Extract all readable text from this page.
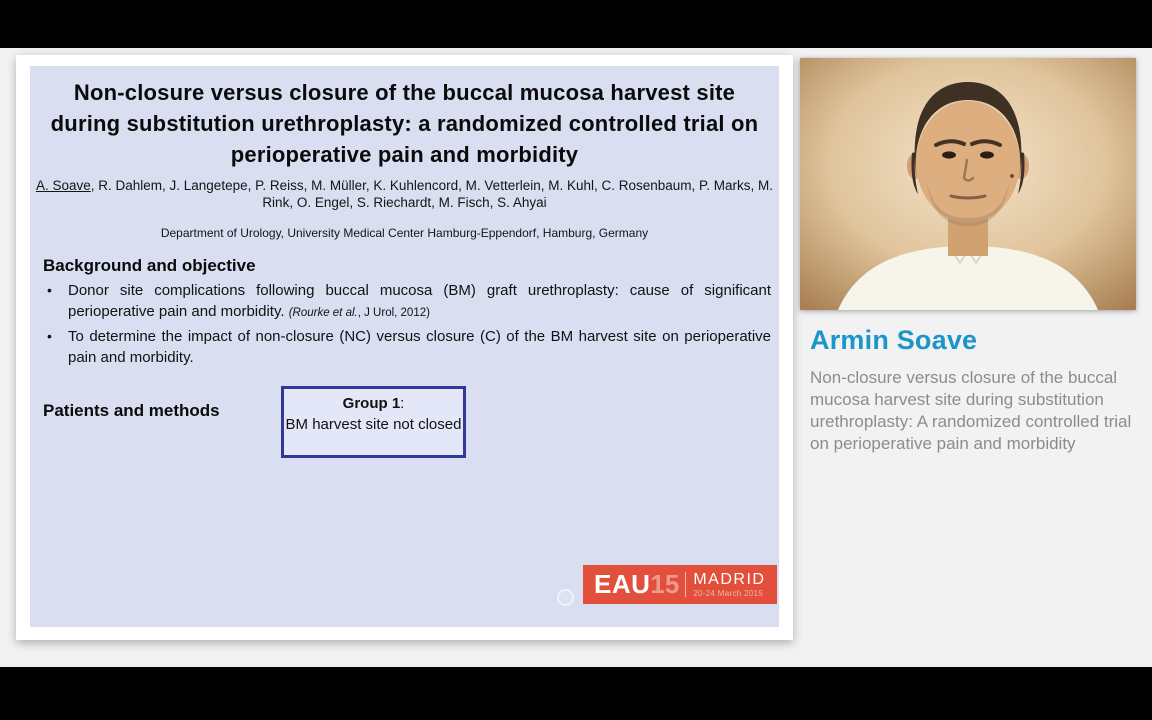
Non-closure versus closure of the buccal mucosa harvest site during substitution urethroplasty: a randomized controlled trial on perioperative pain and morbidity
A. Soave, R. Dahlem, J. Langetepe, P. Reiss, M. Müller, K. Kuhlencord, M. Vetterlein, M. Kuhl, C. Rosenbaum, P. Marks, M. Rink, O. Engel, S. Riechardt, M. Fisch, S. Ahyai
Department of Urology, University Medical Center Hamburg-Eppendorf, Hamburg, Germany
Background and objective
• Donor site complications following buccal mucosa (BM) graft urethroplasty: cause of significant perioperative pain and morbidity. (Rourke et al., J Urol, 2012)
• To determine the impact of non-closure (NC) versus closure (C) of the BM harvest site on perioperative pain and morbidity.
Patients and methods	Group 1:
BM harvest site not closed
EAU 15 MADRID
20-24 March 2015
Armin Soave

Non-closure versus closure of the buccal mucosa harvest site during substitution urethroplasty: A randomized controlled trial on perioperative pain and morbidity
